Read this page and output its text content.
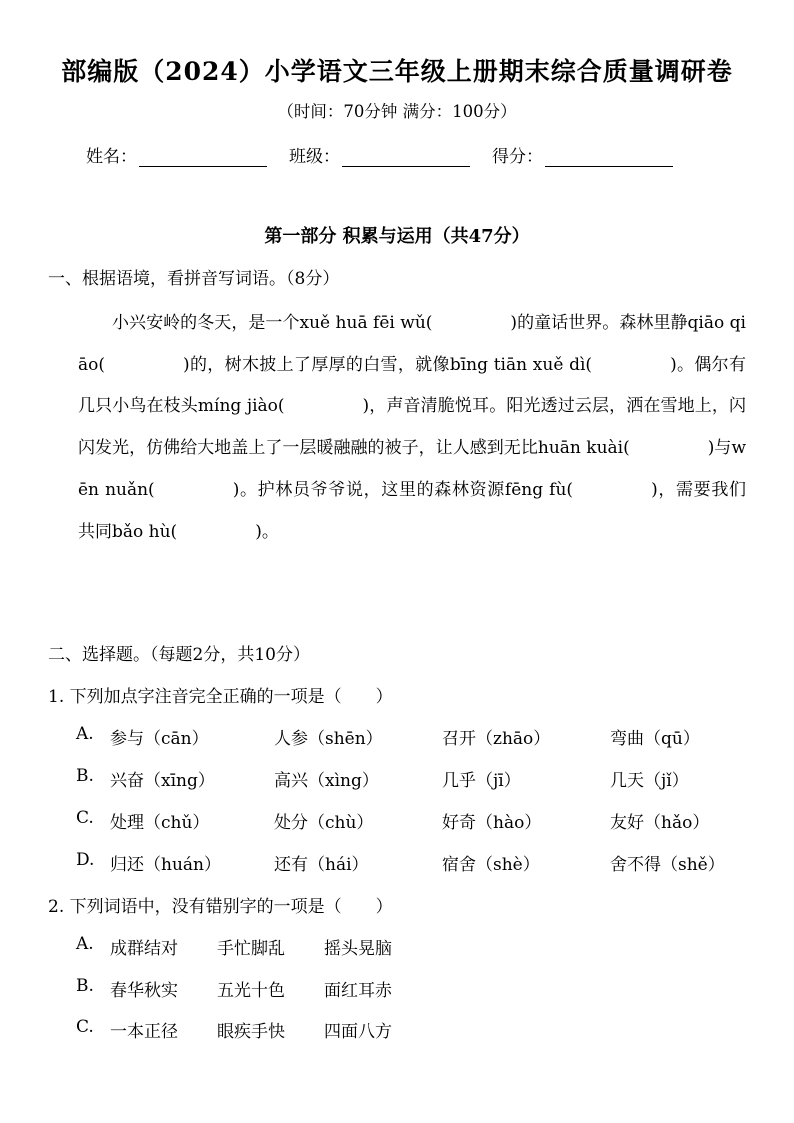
部编版（2024）小学语文三年级上册期末综合质量调研卷
（时间：70分钟 满分：100分）
姓名：	班级：	得分：
第一部分 积累与运用（共47分）
一、根据语境，看拼音写词语。（8分）
小兴安岭的冬天，是一个xuě huā fēi wǔ(	)的童话世界。森林里静qiāo qiāo(	)的，树木披上了厚厚的白雪，就像bīng tiān xuě dì(	)。偶尔有几只小鸟在枝头míng jiào(	)，声音清脆悦耳。阳光透过云层，洒在雪地上，闪闪发光，仿佛给大地盖上了一层暖融融的被子，让人感到无比huān kuài(	)与wēn nuǎn(	)。护林员爷爷说，这里的森林资源fēng fù(	)，需要我们共同bǎo hù(	)。
二、选择题。（每题2分，共10分）
1. 下列加点字注音完全正确的一项是（　　）
A. 参与（cān）	人参（shēn）	召开（zhāo）	弯曲（qū）
B. 兴奋（xīng）	高兴（xìng）	几乎（jī）	几天（jǐ）
C. 处理（chǔ）	处分（chù）	好奇（hào）	友好（hǎo）
D. 归还（huán）	还有（hái）	宿舍（shè）	舍不得（shě）
2. 下列词语中，没有错别字的一项是（　　）
A. 成群结对 手忙脚乱 摇头晃脑
B. 春华秋实 五光十色 面红耳赤
C. 一本正径 眼疾手快 四面八方
